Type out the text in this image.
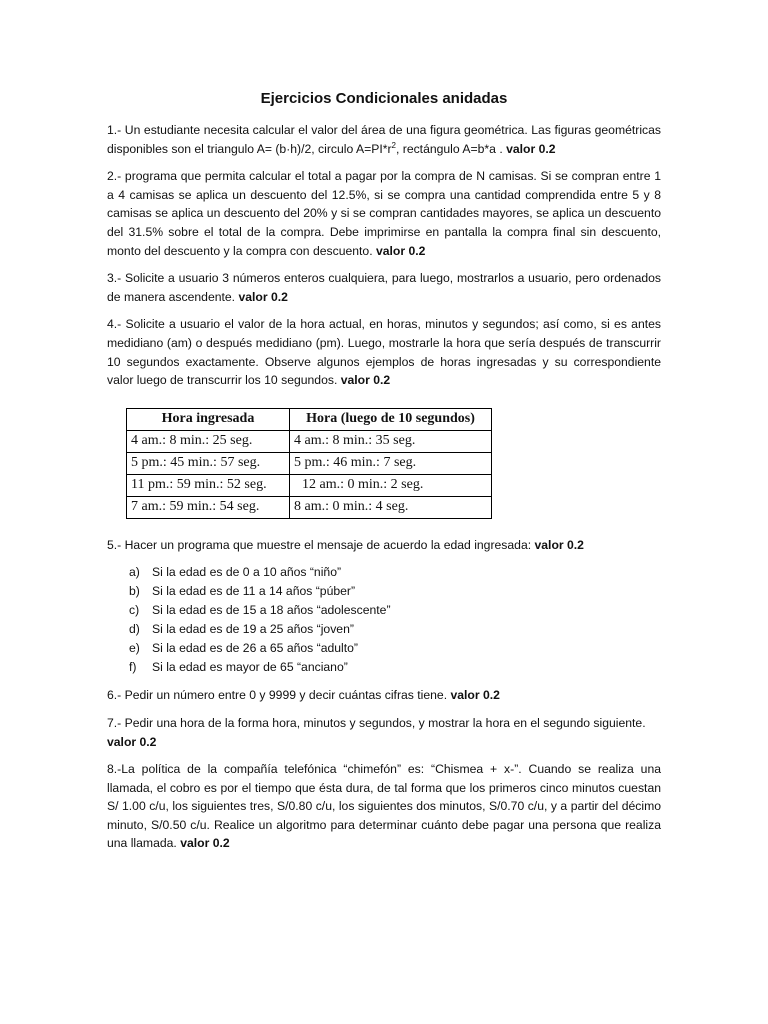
Ejercicios Condicionales anidadas

1.- Un estudiante necesita calcular el valor del área de una figura geométrica. Las figuras geométricas disponibles son el triangulo A= (b·h)/2, circulo $A=PI*r^2$, rectángulo A=b*a . valor 0.2

2.- programa que permita calcular el total a pagar por la compra de N camisas. Si se compran entre 1 a 4 camisas se aplica un descuento del 12.5%, si se compra una cantidad comprendida entre 5 y 8 camisas se aplica un descuento del 20% y si se compran cantidades mayores, se aplica un descuento del 31.5% sobre el total de la compra. Debe imprimirse en pantalla la compra final sin descuento, monto del descuento y la compra con descuento. valor 0.2

3.- Solicite a usuario 3 números enteros cualquiera, para luego, mostrarlos a usuario, pero ordenados de manera ascendente. valor 0.2

4.- Solicite a usuario el valor de la hora actual, en horas, minutos y segundos; así como, si es antes medidiano (am) o después medidiano (pm). Luego, mostrarle la hora que sería después de transcurrir 10 segundos exactamente. Observe algunos ejemplos de horas ingresadas y su correspondiente valor luego de transcurrir los 10 segundos. valor 0.2

Hora ingresada	Hora (luego de 10 segundos)
4 am.: 8 min.: 25 seg.	4 am.: 8 min.: 35 seg.
5 pm.: 45 min.: 57 seg.	5 pm.: 46 min.: 7 seg.
11 pm.: 59 min.: 52 seg.	12 am.: 0 min.: 2 seg.
7 am.: 59 min.: 54 seg.	8 am.: 0 min.: 4 seg.

5.- Hacer un programa que muestre el mensaje de acuerdo la edad ingresada: valor 0.2

a) Si la edad es de 0 a 10 años “niño”
b) Si la edad es de 11 a 14 años “púber”
c) Si la edad es de 15 a 18 años “adolescente”
d) Si la edad es de 19 a 25 años “joven”
e) Si la edad es de 26 a 65 años “adulto”
f) Si la edad es mayor de 65 “anciano”

6.- Pedir un número entre 0 y 9999 y decir cuántas cifras tiene. valor 0.2

7.- Pedir una hora de la forma hora, minutos y segundos, y mostrar la hora en el segundo siguiente. valor 0.2

8.-La política de la compañía telefónica “chimefón” es: “Chismea + x-”. Cuando se realiza una llamada, el cobro es por el tiempo que ésta dura, de tal forma que los primeros cinco minutos cuestan S/ 1.00 c/u, los siguientes tres, S/0.80 c/u, los siguientes dos minutos, S/0.70 c/u, y a partir del décimo minuto, S/0.50 c/u. Realice un algoritmo para determinar cuánto debe pagar una persona que realiza una llamada. valor 0.2
